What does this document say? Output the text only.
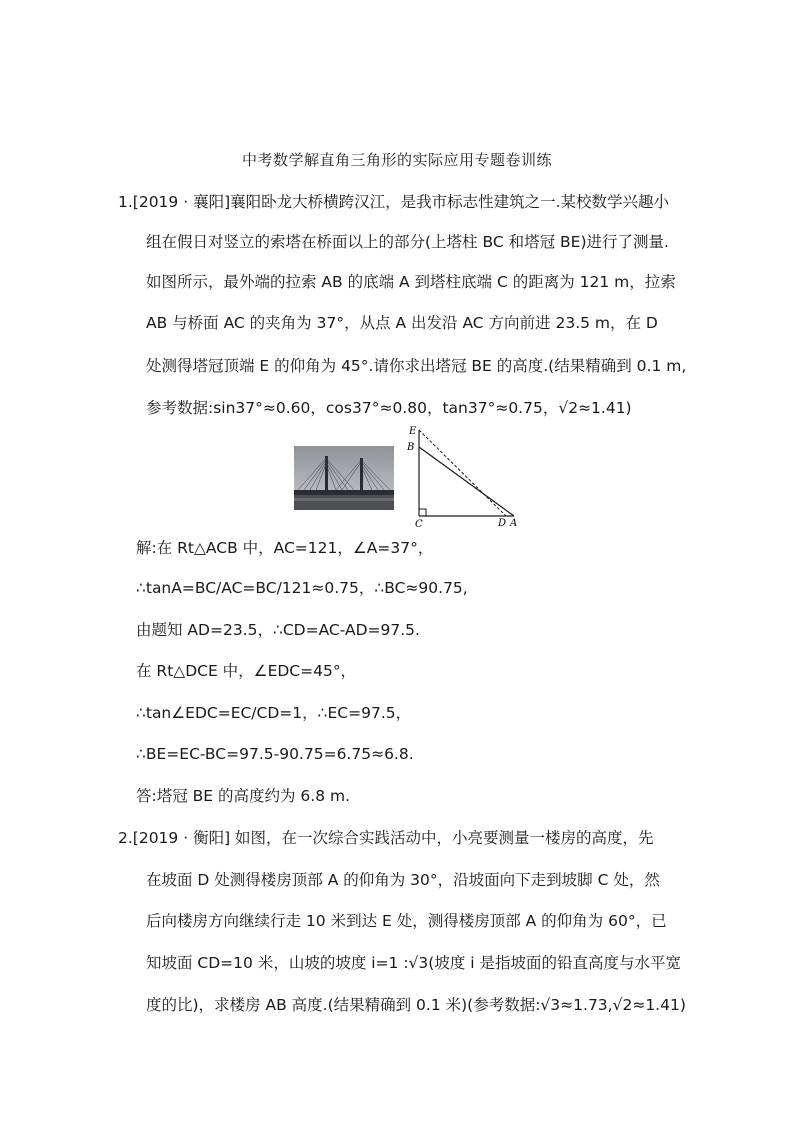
中考数学解直角三角形的实际应用专题卷训练
1.[2019 · 襄阳]襄阳卧龙大桥横跨汉江，是我市标志性建筑之一.某校数学兴趣小
组在假日对竖立的索塔在桥面以上的部分(上塔柱 BC 和塔冠 BE)进行了测量.
如图所示，最外端的拉索 AB 的底端 A 到塔柱底端 C 的距离为 121 m，拉索
AB 与桥面 AC 的夹角为 37°，从点 A 出发沿 AC 方向前进 23.5 m，在 D
处测得塔冠顶端 E 的仰角为 45°.请你求出塔冠 BE 的高度.(结果精确到 0.1 m,
参考数据:sin37°≈0.60，cos37°≈0.80，tan37°≈0.75，√2≈1.41)
E
B
C	D A
解:在 Rt△ACB 中，AC=121，∠A=37°，
∴tanA=BC/AC=BC/121≈0.75，∴BC≈90.75,
由题知 AD=23.5，∴CD=AC-AD=97.5.
在 Rt△DCE 中，∠EDC=45°，
∴tan∠EDC=EC/CD=1，∴EC=97.5，
∴BE=EC-BC=97.5-90.75=6.75≈6.8.
答:塔冠 BE 的高度约为 6.8 m.
2.[2019 · 衡阳] 如图，在一次综合实践活动中，小亮要测量一楼房的高度，先
在坡面 D 处测得楼房顶部 A 的仰角为 30°，沿坡面向下走到坡脚 C 处，然
后向楼房方向继续行走 10 米到达 E 处，测得楼房顶部 A 的仰角为 60°，已
知坡面 CD=10 米，山坡的坡度 i=1 :√3(坡度 i 是指坡面的铅直高度与水平宽
度的比)，求楼房 AB 高度.(结果精确到 0.1 米)(参考数据:√3≈1.73,√2≈1.41)
